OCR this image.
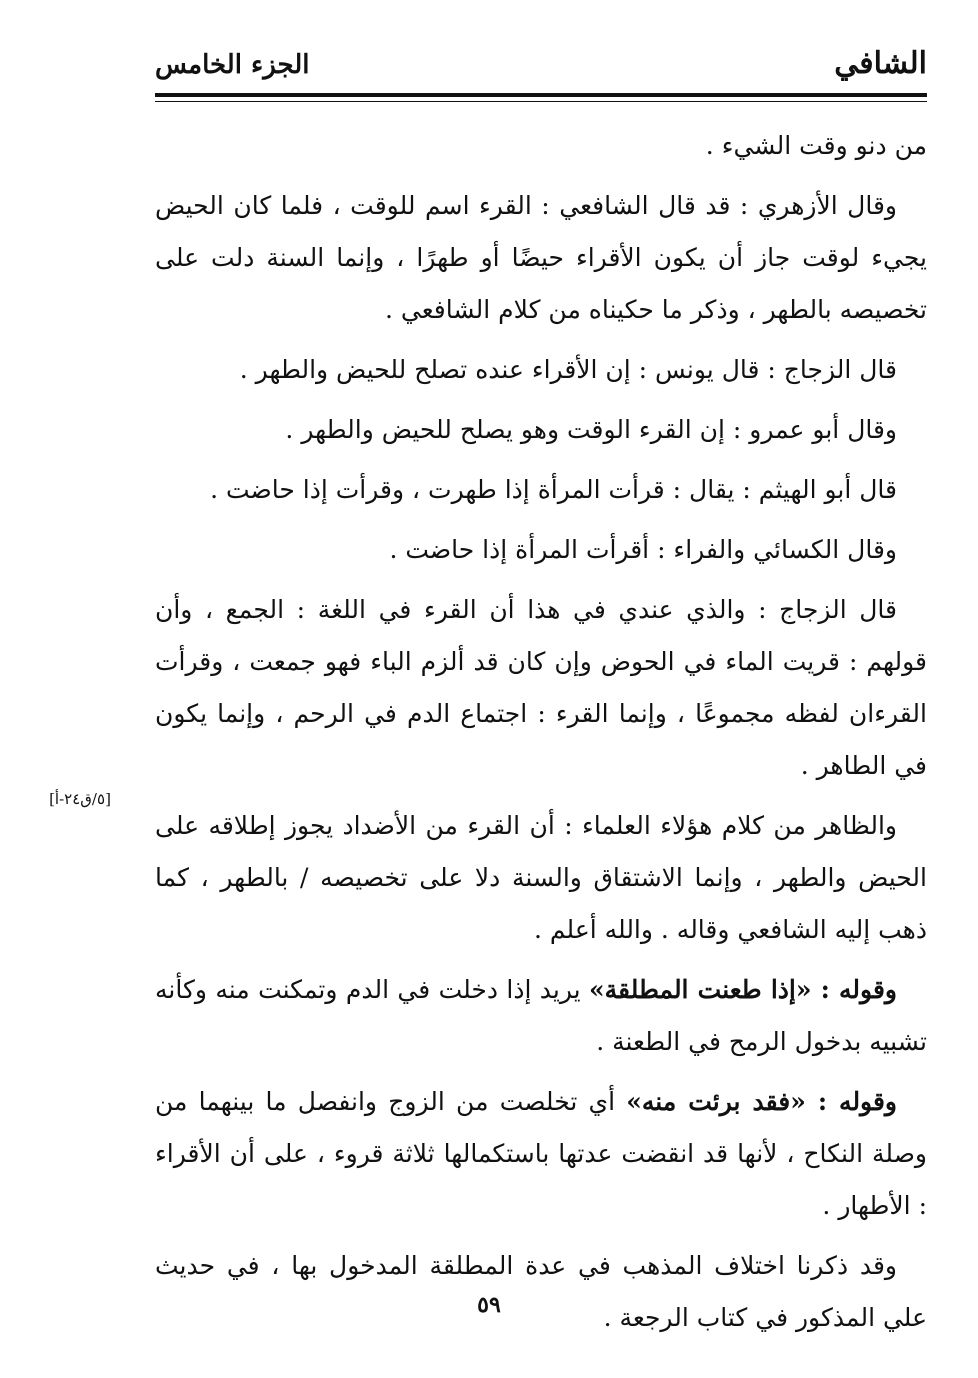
الشافي
الجزء الخامس

من دنو وقت الشيء .

وقال الأزهري : قد قال الشافعي : القرء اسم للوقت ، فلما كان الحيض يجيء لوقت جاز أن يكون الأقراء حيضًا أو طهرًا ، وإنما السنة دلت على تخصيصه بالطهر ، وذكر ما حكيناه من كلام الشافعي .

قال الزجاج : قال يونس : إن الأقراء عنده تصلح للحيض والطهر .

وقال أبو عمرو : إن القرء الوقت وهو يصلح للحيض والطهر .

قال أبو الهيثم : يقال : قرأت المرأة إذا طهرت ، وقرأت إذا حاضت .

وقال الكسائي والفراء : أقرأت المرأة إذا حاضت .

قال الزجاج : والذي عندي في هذا أن القرء في اللغة : الجمع ، وأن قولهم : قريت الماء في الحوض وإن كان قد ألزم الباء فهو جمعت ، وقرأت القرءان لفظه مجموعًا ، وإنما القرء : اجتماع الدم في الرحم ، وإنما يكون في الطاهر .

والظاهر من كلام هؤلاء العلماء : أن القرء من الأضداد يجوز إطلاقه على الحيض والطهر ، وإنما الاشتقاق والسنة دلا على تخصيصه / بالطهر ، كما ذهب إليه الشافعي وقاله . والله أعلم .

وقوله : «إذا طعنت المطلقة» يريد إذا دخلت في الدم وتمكنت منه وكأنه تشبيه بدخول الرمح في الطعنة .

وقوله : «فقد برئت منه» أي تخلصت من الزوج وانفصل ما بينهما من وصلة النكاح ، لأنها قد انقضت عدتها باستكمالها ثلاثة قروء ، على أن الأقراء : الأطهار .

وقد ذكرنا اختلاف المذهب في عدة المطلقة المدخول بها ، في حديث علي المذكور في كتاب الرجعة .

[٥/ق٢٤-أ]
٥٩
